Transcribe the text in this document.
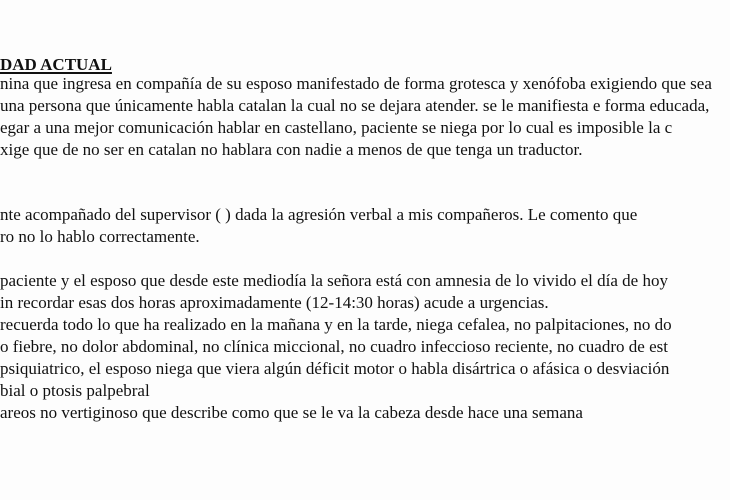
DAD ACTUAL
nina que ingresa en compañía de su esposo manifestado de forma grotesca y xenófoba exigiendo que sea
una persona que únicamente habla catalan la cual no se dejara atender. se le manifiesta e forma educada,
egar a una mejor comunicación hablar en castellano, paciente se niega por lo cual es imposible la c
xige que de no ser en catalan no hablara con nadie a menos de que tenga un traductor.
nte acompañado del supervisor ( ) dada la agresión verbal a mis compañeros. Le comento que
ro no lo hablo correctamente.
paciente y el esposo que desde este mediodía la señora está con amnesia de lo vivido el día de hoy
in recordar esas dos horas aproximadamente (12-14:30 horas) acude a urgencias.
recuerda todo lo que ha realizado en la mañana y en la tarde, niega cefalea, no palpitaciones, no do
o fiebre, no dolor abdominal, no clínica miccional, no cuadro infeccioso reciente, no cuadro de est
psiquiatrico, el esposo niega que viera algún déficit motor o habla disártrica o afásica o desviación
bial o ptosis palpebral
areos no vertiginoso que describe como que se le va la cabeza desde hace una semana
